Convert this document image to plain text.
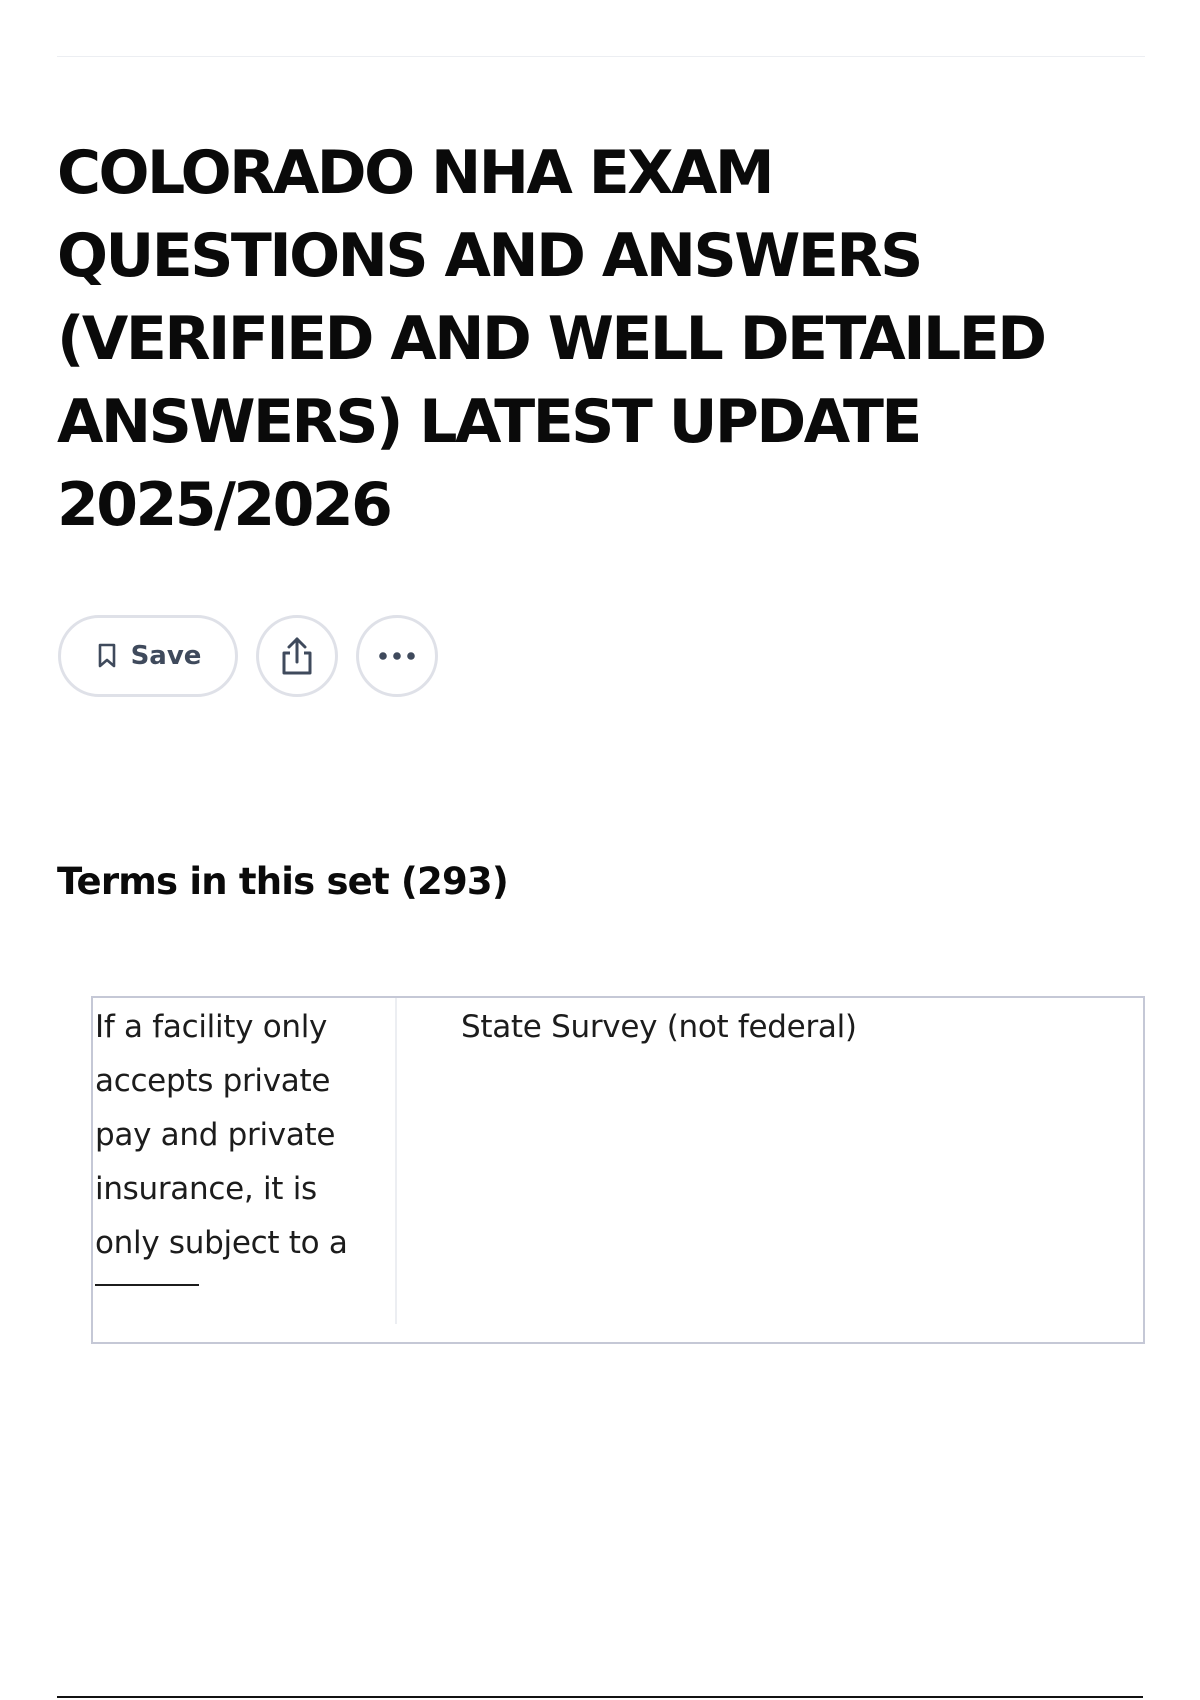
COLORADO NHA EXAM QUESTIONS AND ANSWERS (VERIFIED AND WELL DETAILED ANSWERS) LATEST UPDATE 2025/2026
Save
Terms in this set (293)
If a facility only
accepts private
pay and private
insurance, it is
only subject to a
State Survey (not federal)
